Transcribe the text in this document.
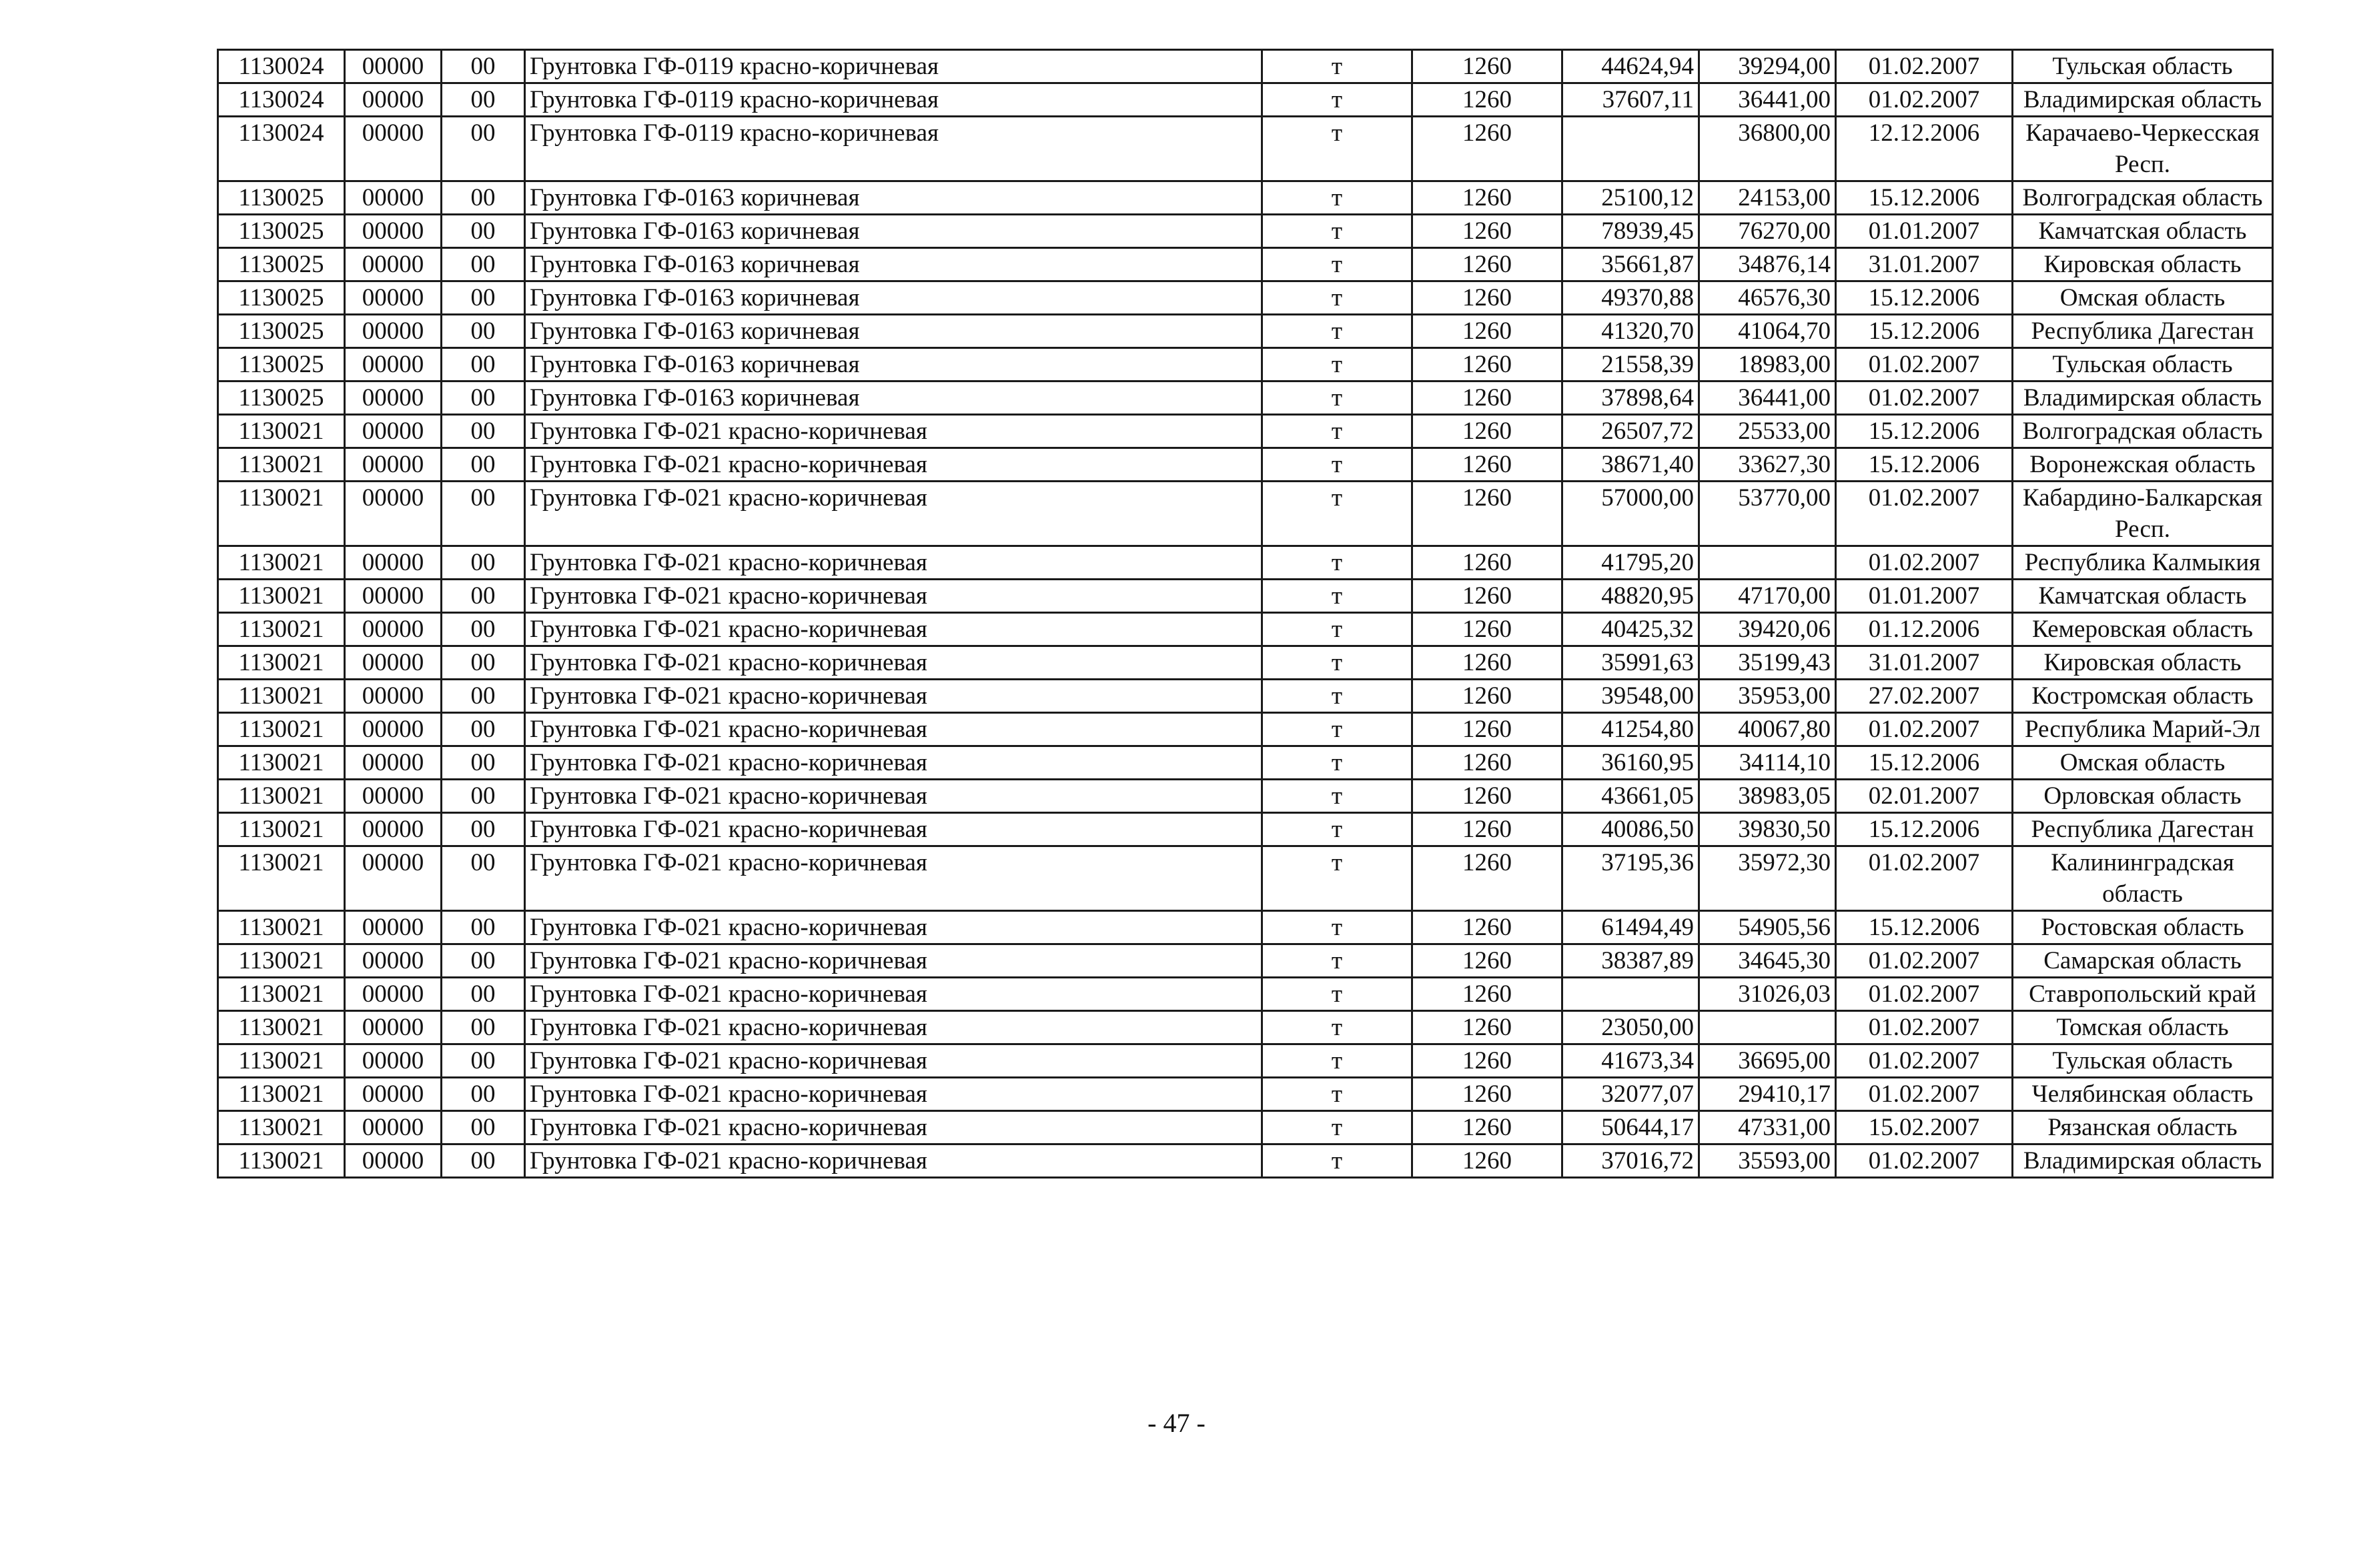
1130024	00000	00	Грунтовка ГФ-0119 красно-коричневая	т	1260	44624,94	39294,00	01.02.2007	Тульская область
1130024	00000	00	Грунтовка ГФ-0119 красно-коричневая	т	1260	37607,11	36441,00	01.02.2007	Владимирская область
1130024	00000	00	Грунтовка ГФ-0119 красно-коричневая	т	1260		36800,00	12.12.2006	Карачаево-Черкесская Респ.
1130025	00000	00	Грунтовка ГФ-0163 коричневая	т	1260	25100,12	24153,00	15.12.2006	Волгоградская область
1130025	00000	00	Грунтовка ГФ-0163 коричневая	т	1260	78939,45	76270,00	01.01.2007	Камчатская область
1130025	00000	00	Грунтовка ГФ-0163 коричневая	т	1260	35661,87	34876,14	31.01.2007	Кировская область
1130025	00000	00	Грунтовка ГФ-0163 коричневая	т	1260	49370,88	46576,30	15.12.2006	Омская область
1130025	00000	00	Грунтовка ГФ-0163 коричневая	т	1260	41320,70	41064,70	15.12.2006	Республика Дагестан
1130025	00000	00	Грунтовка ГФ-0163 коричневая	т	1260	21558,39	18983,00	01.02.2007	Тульская область
1130025	00000	00	Грунтовка ГФ-0163 коричневая	т	1260	37898,64	36441,00	01.02.2007	Владимирская область
1130021	00000	00	Грунтовка ГФ-021 красно-коричневая	т	1260	26507,72	25533,00	15.12.2006	Волгоградская область
1130021	00000	00	Грунтовка ГФ-021 красно-коричневая	т	1260	38671,40	33627,30	15.12.2006	Воронежская область
1130021	00000	00	Грунтовка ГФ-021 красно-коричневая	т	1260	57000,00	53770,00	01.02.2007	Кабардино-Балкарская Респ.
1130021	00000	00	Грунтовка ГФ-021 красно-коричневая	т	1260	41795,20		01.02.2007	Республика Калмыкия
1130021	00000	00	Грунтовка ГФ-021 красно-коричневая	т	1260	48820,95	47170,00	01.01.2007	Камчатская область
1130021	00000	00	Грунтовка ГФ-021 красно-коричневая	т	1260	40425,32	39420,06	01.12.2006	Кемеровская область
1130021	00000	00	Грунтовка ГФ-021 красно-коричневая	т	1260	35991,63	35199,43	31.01.2007	Кировская область
1130021	00000	00	Грунтовка ГФ-021 красно-коричневая	т	1260	39548,00	35953,00	27.02.2007	Костромская область
1130021	00000	00	Грунтовка ГФ-021 красно-коричневая	т	1260	41254,80	40067,80	01.02.2007	Республика Марий-Эл
1130021	00000	00	Грунтовка ГФ-021 красно-коричневая	т	1260	36160,95	34114,10	15.12.2006	Омская область
1130021	00000	00	Грунтовка ГФ-021 красно-коричневая	т	1260	43661,05	38983,05	02.01.2007	Орловская область
1130021	00000	00	Грунтовка ГФ-021 красно-коричневая	т	1260	40086,50	39830,50	15.12.2006	Республика Дагестан
1130021	00000	00	Грунтовка ГФ-021 красно-коричневая	т	1260	37195,36	35972,30	01.02.2007	Калининградская область
1130021	00000	00	Грунтовка ГФ-021 красно-коричневая	т	1260	61494,49	54905,56	15.12.2006	Ростовская область
1130021	00000	00	Грунтовка ГФ-021 красно-коричневая	т	1260	38387,89	34645,30	01.02.2007	Самарская область
1130021	00000	00	Грунтовка ГФ-021 красно-коричневая	т	1260		31026,03	01.02.2007	Ставропольский край
1130021	00000	00	Грунтовка ГФ-021 красно-коричневая	т	1260	23050,00		01.02.2007	Томская область
1130021	00000	00	Грунтовка ГФ-021 красно-коричневая	т	1260	41673,34	36695,00	01.02.2007	Тульская область
1130021	00000	00	Грунтовка ГФ-021 красно-коричневая	т	1260	32077,07	29410,17	01.02.2007	Челябинская область
1130021	00000	00	Грунтовка ГФ-021 красно-коричневая	т	1260	50644,17	47331,00	15.02.2007	Рязанская область
1130021	00000	00	Грунтовка ГФ-021 красно-коричневая	т	1260	37016,72	35593,00	01.02.2007	Владимирская область
- 47 -
